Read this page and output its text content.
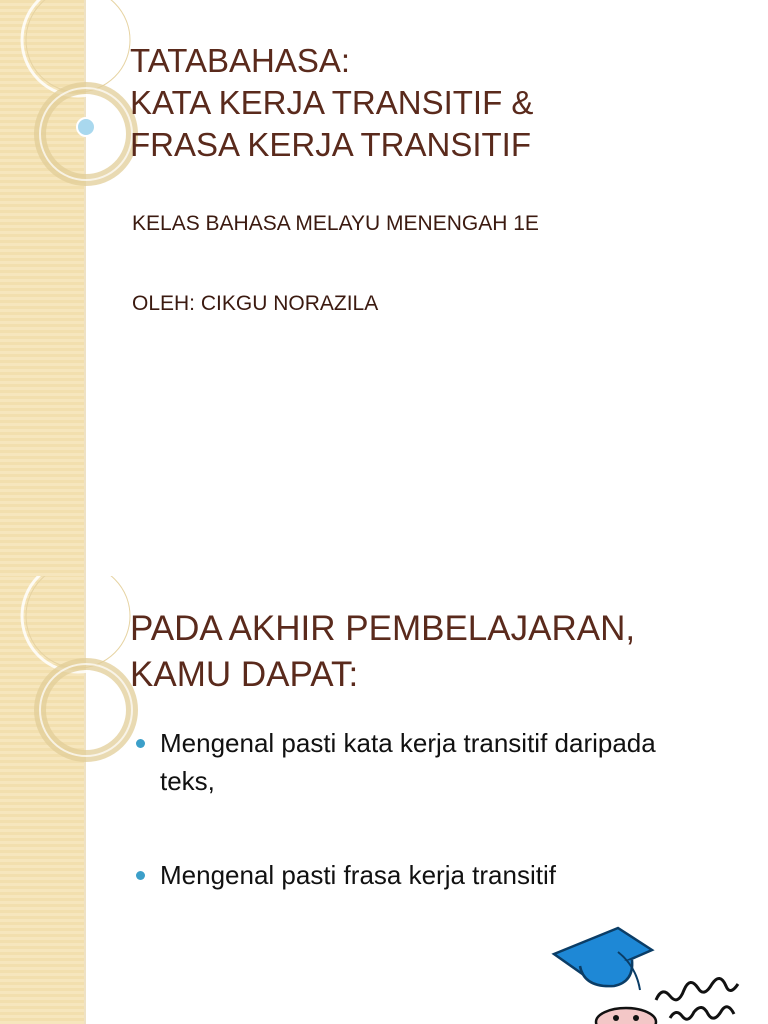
TATABAHASA:
KATA KERJA TRANSITIF &
FRASA KERJA TRANSITIF

KELAS BAHASA MELAYU MENENGAH 1E

OLEH: CIKGU NORAZILA

PADA AKHIR PEMBELAJARAN,
KAMU DAPAT:
Mengenal pasti kata kerja transitif daripada teks,
Mengenal pasti frasa kerja transitif
